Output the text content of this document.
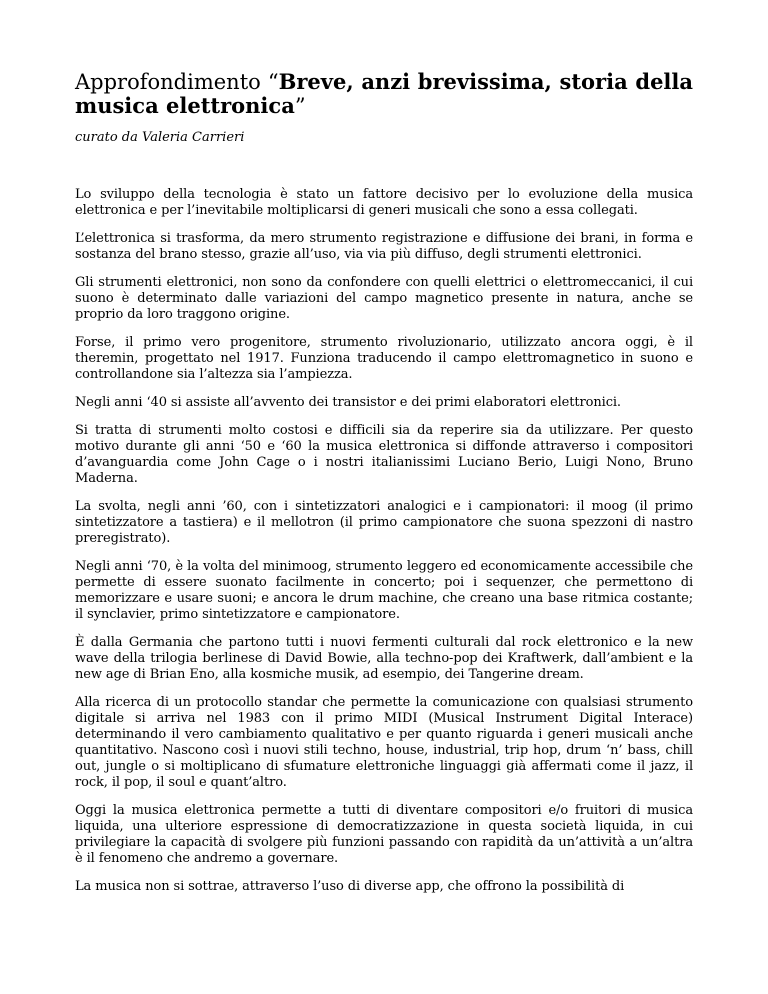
Approfondimento “Breve, anzi brevissima, storia della musica elettronica”

curato da Valeria Carrieri

Lo sviluppo della tecnologia è stato un fattore decisivo per lo evoluzione della musica elettronica e per l’inevitabile moltiplicarsi di generi musicali che sono a essa collegati.

L’elettronica si trasforma, da mero strumento registrazione e diffusione dei brani, in forma e sostanza del brano stesso, grazie all’uso, via via più diffuso, degli strumenti elettronici.

Gli strumenti elettronici, non sono da confondere con quelli elettrici o elettromeccanici, il cui suono è determinato dalle variazioni del campo magnetico presente in natura, anche se proprio da loro traggono origine.

Forse, il primo vero progenitore, strumento rivoluzionario, utilizzato ancora oggi, è il theremin, progettato nel 1917. Funziona traducendo il campo elettromagnetico in suono e controllandone sia l’altezza sia l’ampiezza.

Negli anni ‘40 si assiste all’avvento dei transistor e dei primi elaboratori elettronici.

Si tratta di strumenti molto costosi e difficili sia da reperire sia da utilizzare. Per questo motivo durante gli anni ‘50 e ‘60 la musica elettronica si diffonde attraverso i compositori d’avanguardia come John Cage o i nostri italianissimi Luciano Berio, Luigi Nono, Bruno Maderna.

La svolta, negli anni ’60, con i sintetizzatori analogici e i campionatori: il moog (il primo sintetizzatore a tastiera) e il mellotron (il primo campionatore che suona spezzoni di nastro preregistrato).

Negli anni ‘70, è la volta del minimoog, strumento leggero ed economicamente accessibile che permette di essere suonato facilmente in concerto; poi i sequenzer, che permettono di memorizzare e usare suoni; e ancora le drum machine, che creano una base ritmica costante; il synclavier, primo sintetizzatore e campionatore.

È dalla Germania che partono tutti i nuovi fermenti culturali dal rock elettronico e la new wave della trilogia berlinese di David Bowie, alla techno-pop dei Kraftwerk, dall’ambient e la new age di Brian Eno, alla kosmiche musik, ad esempio, dei Tangerine dream.

Alla ricerca di un protocollo standar che permette la comunicazione con qualsiasi strumento digitale si arriva nel 1983 con il primo MIDI (Musical Instrument Digital Interace) determinando il vero cambiamento qualitativo e per quanto riguarda i generi musicali anche quantitativo. Nascono così i nuovi stili techno, house, industrial, trip hop, drum ‘n’ bass, chill out, jungle o si moltiplicano di sfumature elettroniche linguaggi già affermati come il jazz, il rock, il pop, il soul e quant’altro.

Oggi la musica elettronica permette a tutti di diventare compositori e/o fruitori di musica liquida, una ulteriore espressione di democratizzazione in questa società liquida, in cui privilegiare la capacità di svolgere più funzioni passando con rapidità da un’attività a un’altra è il fenomeno che andremo a governare.

La musica non si sottrae, attraverso l’uso di diverse app, che offrono la possibilità di
